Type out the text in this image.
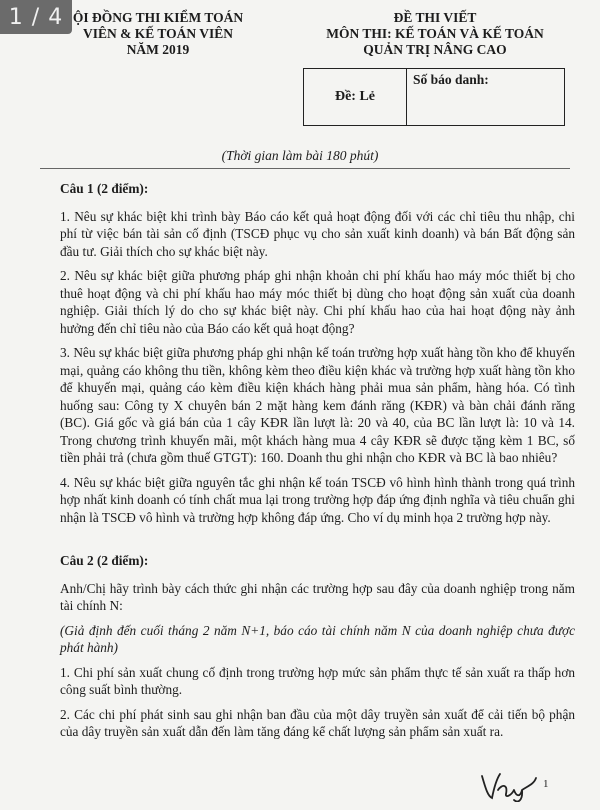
1 / 4 ỘI ĐỒNG THI KIỂM TOÁN
VIÊN & KẾ TOÁN VIÊN
NĂM 2019
ĐỀ THI VIẾT
MÔN THI: KẾ TOÁN VÀ KẾ TOÁN
QUẢN TRỊ NÂNG CAO
Đề: Lẻ
Số báo danh:
(Thời gian làm bài 180 phút)

Câu 1 (2 điểm):

1. Nêu sự khác biệt khi trình bày Báo cáo kết quả hoạt động đối với các chỉ tiêu thu nhập, chi phí từ việc bán tài sản cố định (TSCĐ phục vụ cho sản xuất kinh doanh) và bán Bất động sản đầu tư. Giải thích cho sự khác biệt này.

2. Nêu sự khác biệt giữa phương pháp ghi nhận khoản chi phí khấu hao máy móc thiết bị cho thuê hoạt động và chi phí khấu hao máy móc thiết bị dùng cho hoạt động sản xuất của doanh nghiệp. Giải thích lý do cho sự khác biệt này. Chi phí khấu hao của hai hoạt động này ảnh hưởng đến chỉ tiêu nào của Báo cáo kết quả hoạt động?

3. Nêu sự khác biệt giữa phương pháp ghi nhận kế toán trường hợp xuất hàng tồn kho để khuyến mại, quảng cáo không thu tiền, không kèm theo điều kiện khác và trường hợp xuất hàng tồn kho để khuyến mại, quảng cáo kèm điều kiện khách hàng phải mua sản phẩm, hàng hóa. Có tình huống sau: Công ty X chuyên bán 2 mặt hàng kem đánh răng (KĐR) và bàn chải đánh răng (BC). Giá gốc và giá bán của 1 cây KĐR lần lượt là: 20 và 40, của BC lần lượt là: 10 và 14. Trong chương trình khuyến mãi, một khách hàng mua 4 cây KĐR sẽ được tặng kèm 1 BC, số tiền phải trả (chưa gồm thuế GTGT): 160. Doanh thu ghi nhận cho KĐR và BC là bao nhiêu?

4. Nêu sự khác biệt giữa nguyên tắc ghi nhận kế toán TSCĐ vô hình hình thành trong quá trình hợp nhất kinh doanh có tính chất mua lại trong trường hợp đáp ứng định nghĩa và tiêu chuẩn ghi nhận là TSCĐ vô hình và trường hợp không đáp ứng. Cho ví dụ minh họa 2 trường hợp này.

Câu 2 (2 điểm):

Anh/Chị hãy trình bày cách thức ghi nhận các trường hợp sau đây của doanh nghiệp trong năm tài chính N:

(Giả định đến cuối tháng 2 năm N+1, báo cáo tài chính năm N của doanh nghiệp chưa được phát hành)

1. Chi phí sản xuất chung cố định trong trường hợp mức sản phẩm thực tế sản xuất ra thấp hơn công suất bình thường.

2. Các chi phí phát sinh sau ghi nhận ban đầu của một dây truyền sản xuất để cải tiến bộ phận của dây truyền sản xuất dẫn đến làm tăng đáng kể chất lượng sản phẩm sản xuất ra.

1
